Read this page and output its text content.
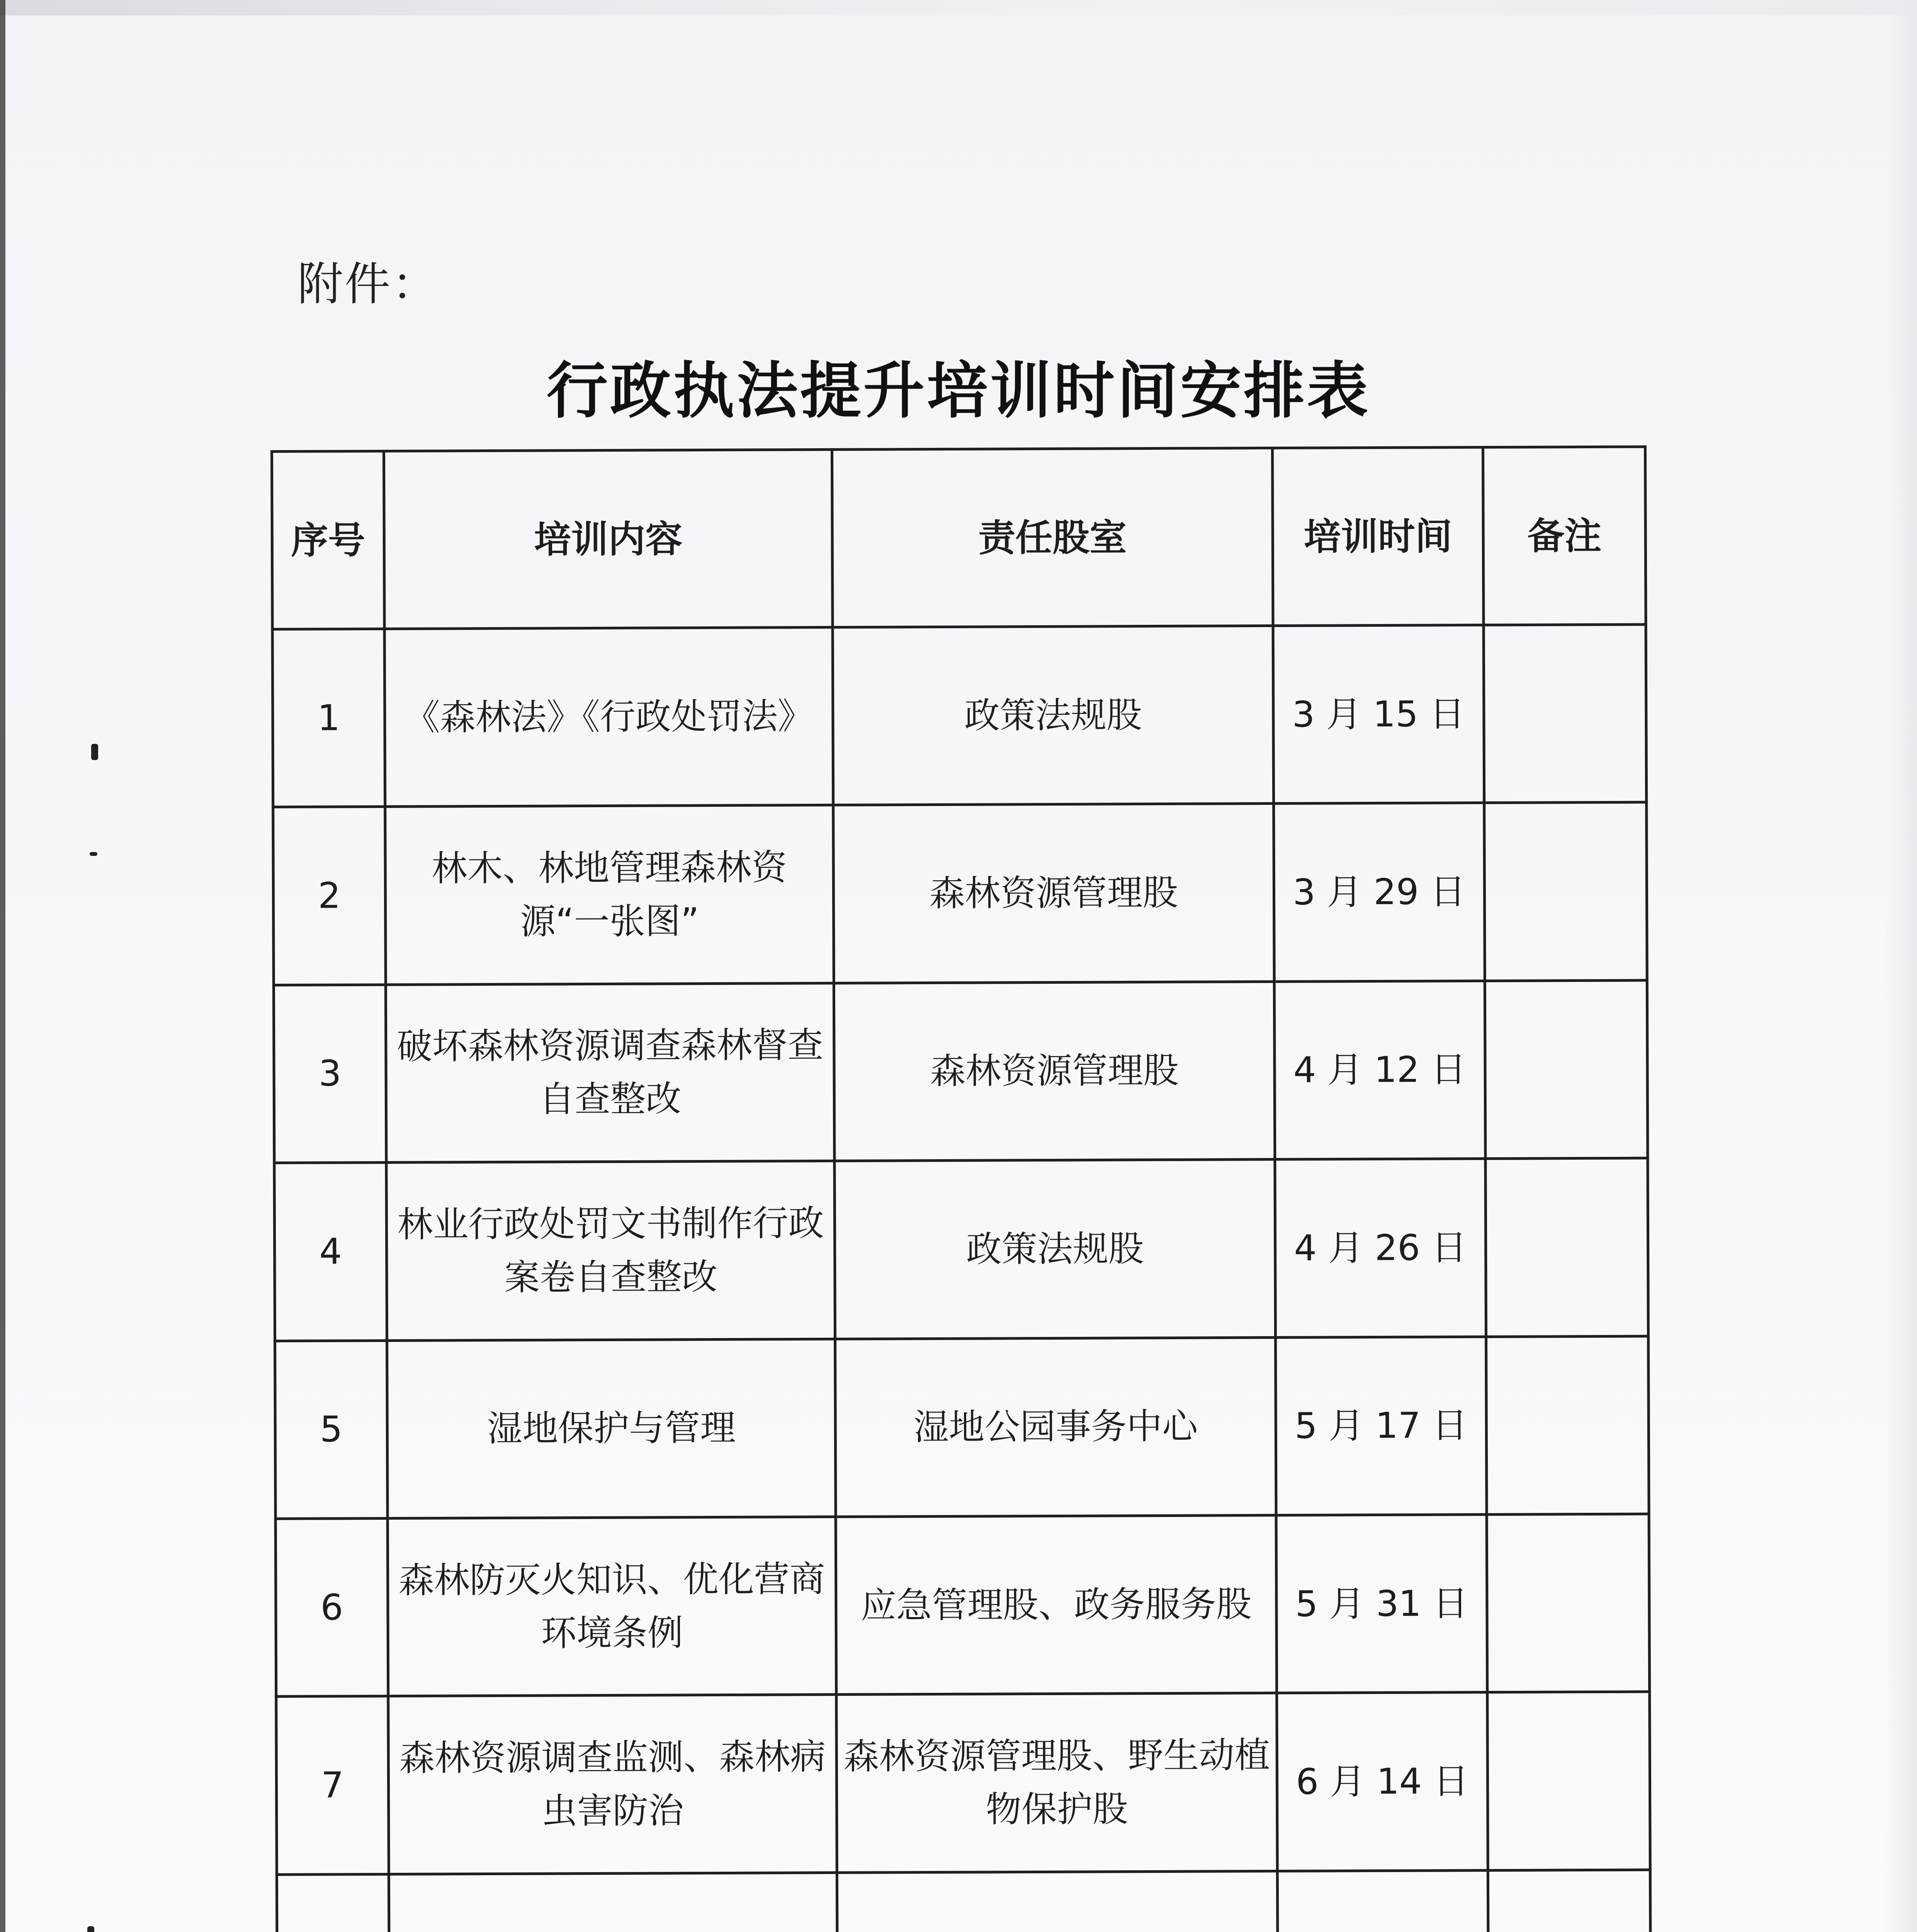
附件：
行政执法提升培训时间安排表
序号	培训内容	责任股室	培训时间	备注
1	《森林法》《行政处罚法》	政策法规股	3 月 15 日	
2	林木、林地管理森林资源“一张图”	森林资源管理股	3 月 29 日	
3	破坏森林资源调查森林督查自查整改	森林资源管理股	4 月 12 日	
4	林业行政处罚文书制作行政案卷自查整改	政策法规股	4 月 26 日	
5	湿地保护与管理	湿地公园事务中心	5 月 17 日	
6	森林防灭火知识、优化营商环境条例	应急管理股、政务服务股	5 月 31 日	
7	森林资源调查监测、森林病虫害防治	森林资源管理股、野生动植物保护股	6 月 14 日	
